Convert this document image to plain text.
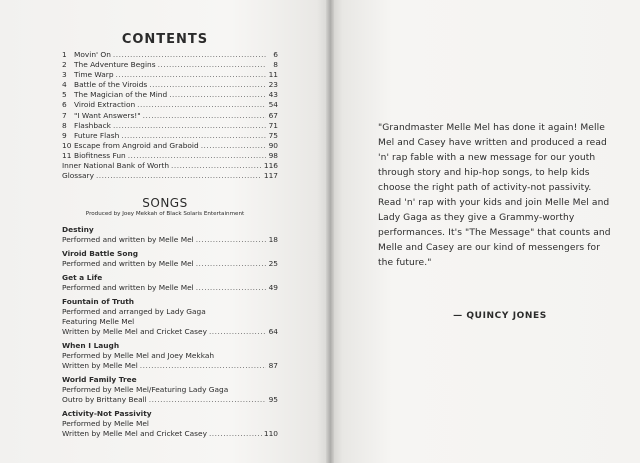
CONTENTS
1 Movin' On .....	6
2 The Adventure Begins .....	8
3 Time Warp .....	11
4 Battle of the Viroids .....	23
5 The Magician of the Mind .....	43
6 Viroid Extraction .....	54
7 "I Want Answers!" .....	67
8 Flashback .....	71
9 Future Flash .....	75
10 Escape from Angroid and Graboid .....	90
11 Biofitness Fun .....	98
Inner National Bank of Worth .....	116
Glossary .....	117
SONGS
Produced by Joey Mekkah of Black Solaris Entertainment
Destiny
Performed and written by Melle Mel .....	18
Viroid Battle Song
Performed and written by Melle Mel .....	25
Get a Life
Performed and written by Melle Mel .....	49
Fountain of Truth
Performed and arranged by Lady Gaga
Featuring Melle Mel
Written by Melle Mel and Cricket Casey .....	64
When I Laugh
Performed by Melle Mel and Joey Mekkah
Written by Melle Mel .....	87
World Family Tree
Performed by Melle Mel/Featuring Lady Gaga
Outro by Brittany Beall .....	95
Activity-Not Passivity
Performed by Melle Mel
Written by Melle Mel and Cricket Casey .....	110
"Grandmaster Melle Mel has done it again! Melle Mel and Casey have written and produced a read 'n' rap fable with a new message for our youth through story and hip-hop songs, to help kids choose the right path of activity-not passivity. Read 'n' rap with your kids and join Melle Mel and Lady Gaga as they give a Grammy-worthy performances. It's "The Message" that counts and Melle and Casey are our kind of messengers for the future."
— QUINCY JONES
